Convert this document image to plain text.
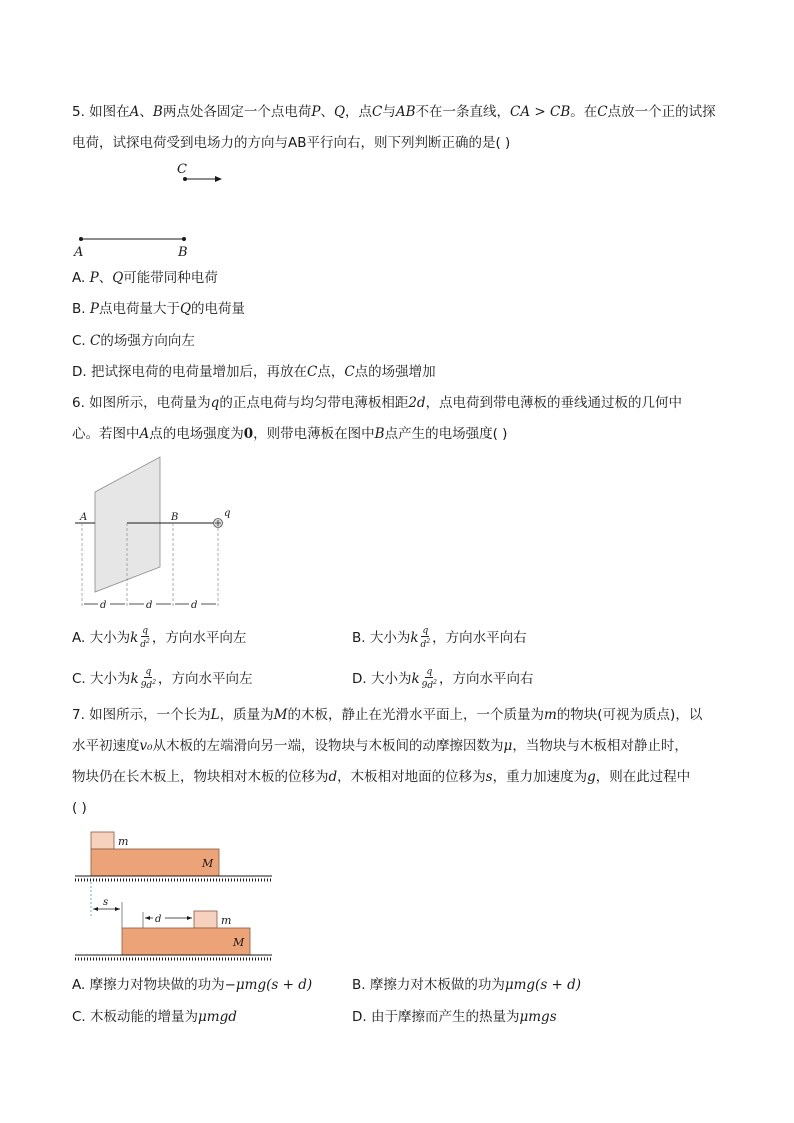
5. 如图在A、B两点处各固定一个点电荷P、Q，点C与AB不在一条直线，CA > CB。在C点放一个正的试探
电荷，试探电荷受到电场力的方向与AB平行向右，则下列判断正确的是( )
C
A	B
A. P、Q可能带同种电荷
B. P点电荷量大于Q的电荷量
C. C的场强方向向左
D. 把试探电荷的电荷量增加后，再放在C点，C点的场强增加
6. 如图所示，电荷量为q的正点电荷与均匀带电薄板相距2d，点电荷到带电薄板的垂线通过板的几何中
心。若图中A点的电场强度为0，则带电薄板在图中B点产生的电场强度( )
A	B	q
d	d	d
A. 大小为k $\frac{q}{d^2}$ ，方向水平向左	B. 大小为k $\frac{q}{d^2}$ ，方向水平向右
C. 大小为k $\frac{q}{9d^2}$ ，方向水平向左	D. 大小为k $\frac{q}{9d^2}$ ，方向水平向右
7. 如图所示，一个长为L，质量为M的木板，静止在光滑水平面上，一个质量为m的物块(可视为质点)，以
水平初速度v₀从木板的左端滑向另一端，设物块与木板间的动摩擦因数为μ，当物块与木板相对静止时，
物块仍在长木板上，物块相对木板的位移为d，木板相对地面的位移为s，重力加速度为g，则在此过程中
( )
m
M
s
d	m
M
A. 摩擦力对物块做的功为−μmg(s + d)	B. 摩擦力对木板做的功为μmg(s + d)
C. 木板动能的增量为μmgd	D. 由于摩擦而产生的热量为μmgs
